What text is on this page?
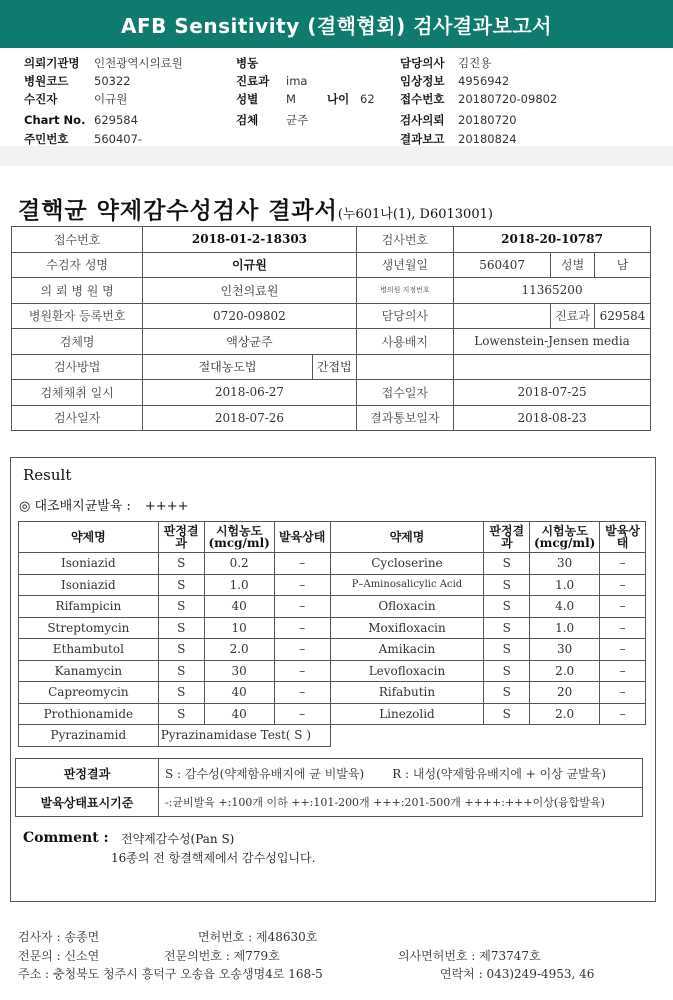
AFB Sensitivity (결핵협회) 검사결과보고서
의뢰기관명 인천광역시의료원	병동	담당의사 김진용
병원코드 50322	진료과 ima	임상정보 4956942
수진자	이규원	성별 M	나이 62 접수번호 20180720-09802
Chart No. 629584	검체 균주	검사의뢰 20180720
주민번호 560407-	결과보고 20180824
결핵균 약제감수성검사 결과서(누601나(1), D6013001)
접수번호	2018-01-2-18303		검사번호	2018-20-10787		
수검자 성명	이규원		생년월일	560407	성별	남
의 뢰 병 원 명	인천의료원		병의원 지정번호	11365200		
병원환자 등록번호	0720-09802		담당의사		진료과	629584
검체명	액상균주		사용배지	Lowenstein-Jensen media		
검사방법	절대농도법	간접법				
검체채취 일시	2018-06-27		접수일자	2018-07-25		
검사일자	2018-07-26		결과통보일자	2018-08-23		
Result
◎ 대조배지균발육 : ++++
약제명	판정결과	시험농도(mcg/ml)	발육상태	약제명	판정결과	시험농도(mcg/ml)	발육상태
Isoniazid	S	0.2	–	Cycloserine	S	30	–
Isoniazid	S	1.0	–	P–Aminosalicylic Acid	S	1.0	–
Rifampicin	S	40	–	Ofloxacin	S	4.0	–
Streptomycin	S	10	–	Moxifloxacin	S	1.0	–
Ethambutol	S	2.0	–	Amikacin	S	30	–
Kanamycin	S	30	–	Levofloxacin	S	2.0	–
Capreomycin	S	40	–	Rifabutin	S	20	–
Prothionamide	S	40	–	Linezolid	S	2.0	–
Pyrazinamid	Pyrazinamidase Test( S )						
판정결과	S : 감수성(약제함유배지에 균 비발육) R : 내성(약제함유배지에 + 이상 균발육)
발육상태표시기준	-:균비발육 +:100개 이하 ++:101-200개 +++:201-500개 ++++:+++이상(융합발육)
Comment : 전약제감수성(Pan S)
16종의 전 항결핵제에서 감수성입니다.
검사자 : 송종면	면허번호 : 제48630호
전문의 : 신소연	전문의번호 : 제779호	의사면허번호 : 제73747호
주소 : 충청북도 청주시 흥덕구 오송읍 오송생명4로 168-5	연락처 : 043)249-4953, 46
